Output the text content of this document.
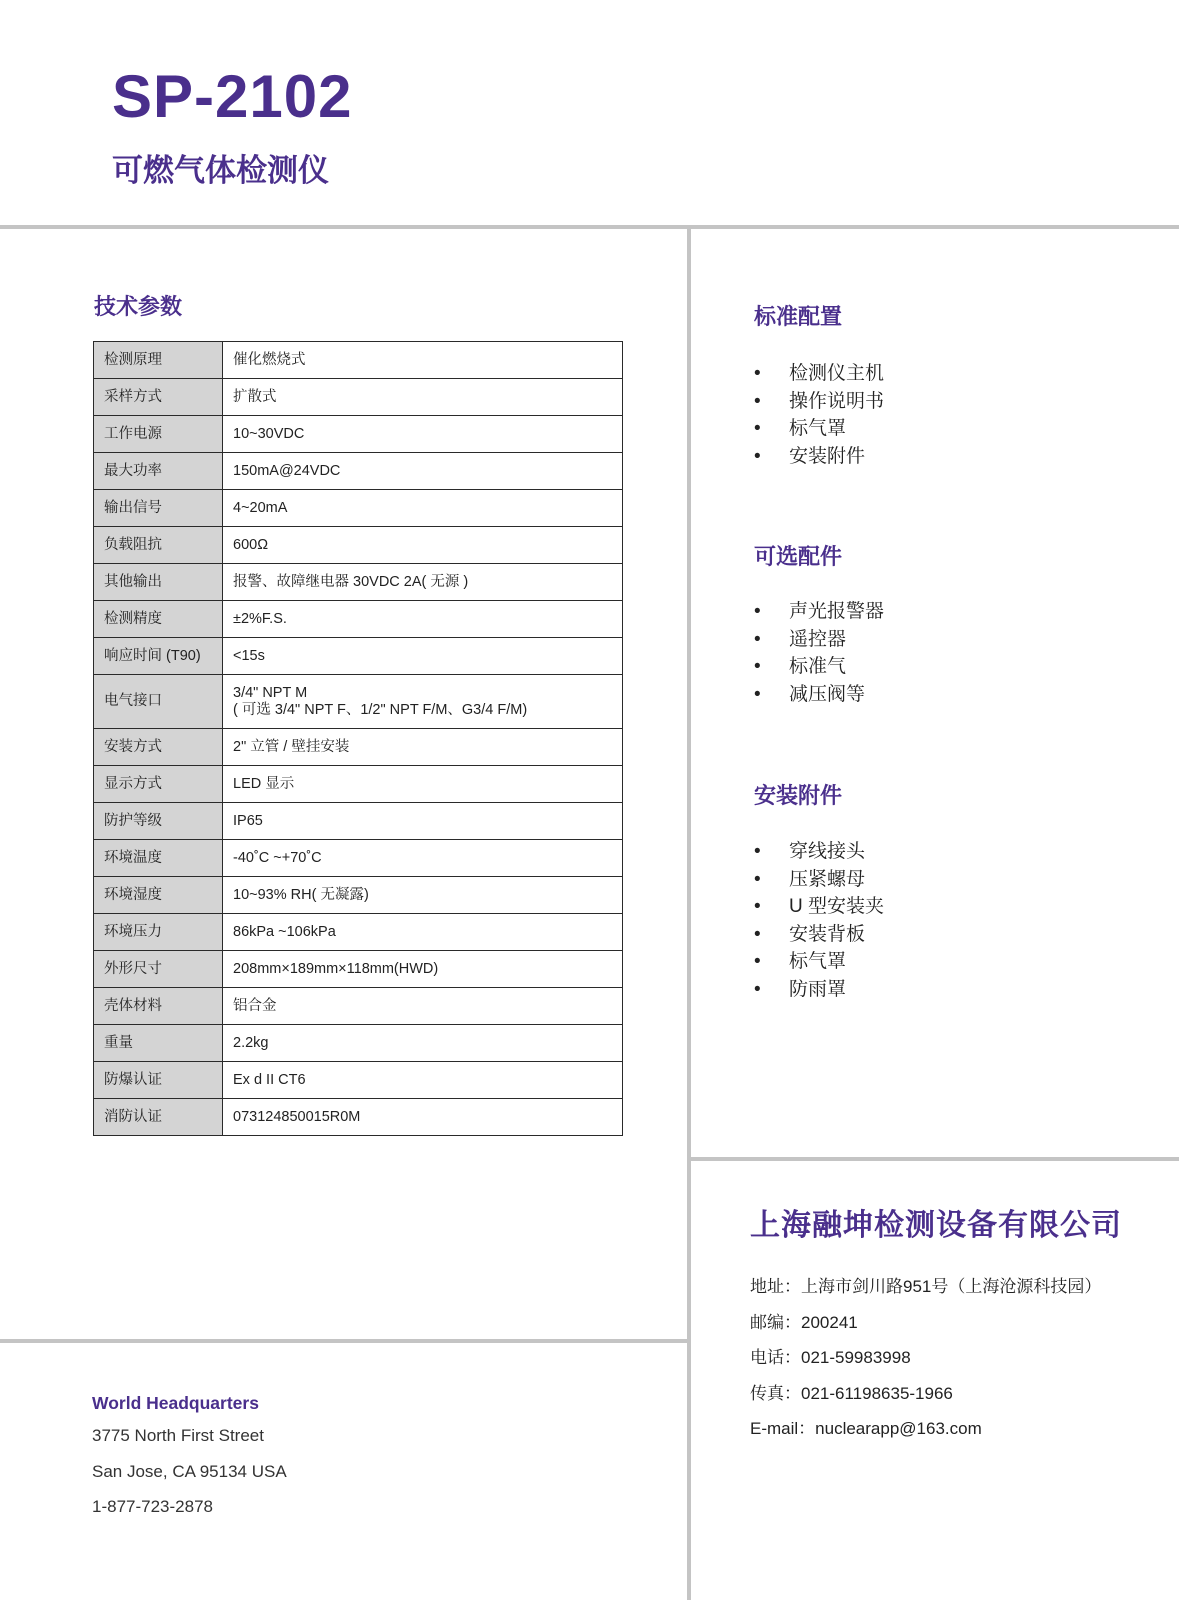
SP-2102
可燃气体检测仪
技术参数
检测原理	催化燃烧式
采样方式	扩散式
工作电源	10~30VDC
最大功率	150mA@24VDC
输出信号	4~20mA
负载阻抗	600Ω
其他输出	报警、故障继电器 30VDC 2A( 无源 )
检测精度	±2%F.S.
响应时间 (T90)	<15s
电气接口	3/4" NPT M
( 可选 3/4" NPT F、1/2" NPT F/M、G3/4 F/M)

安装方式	2" 立管 / 壁挂安装
显示方式	LED 显示
防护等级	IP65
环境温度	-40˚C ~+70˚C
环境湿度	10~93% RH( 无凝露)
环境压力	86kPa ~106kPa
外形尺寸	208mm×189mm×118mm(HWD)
壳体材料	铝合金
重量	2.2kg
防爆认证	Ex d II CT6
消防认证	073124850015R0M
标准配置
• 检测仪主机
• 操作说明书
• 标气罩
• 安装附件
可选配件
• 声光报警器
• 遥控器
• 标准气
• 减压阀等
安装附件
• 穿线接头
• 压紧螺母
• U 型安装夹
• 安装背板
• 标气罩
• 防雨罩
上海融坤检测设备有限公司
地址：上海市剑川路951号（上海沧源科技园）
邮编：200241
电话：021-59983998
传真：021-61198635-1966
E-mail：nuclearapp@163.com
World Headquarters
3775 North First Street
San Jose, CA 95134 USA
1-877-723-2878
